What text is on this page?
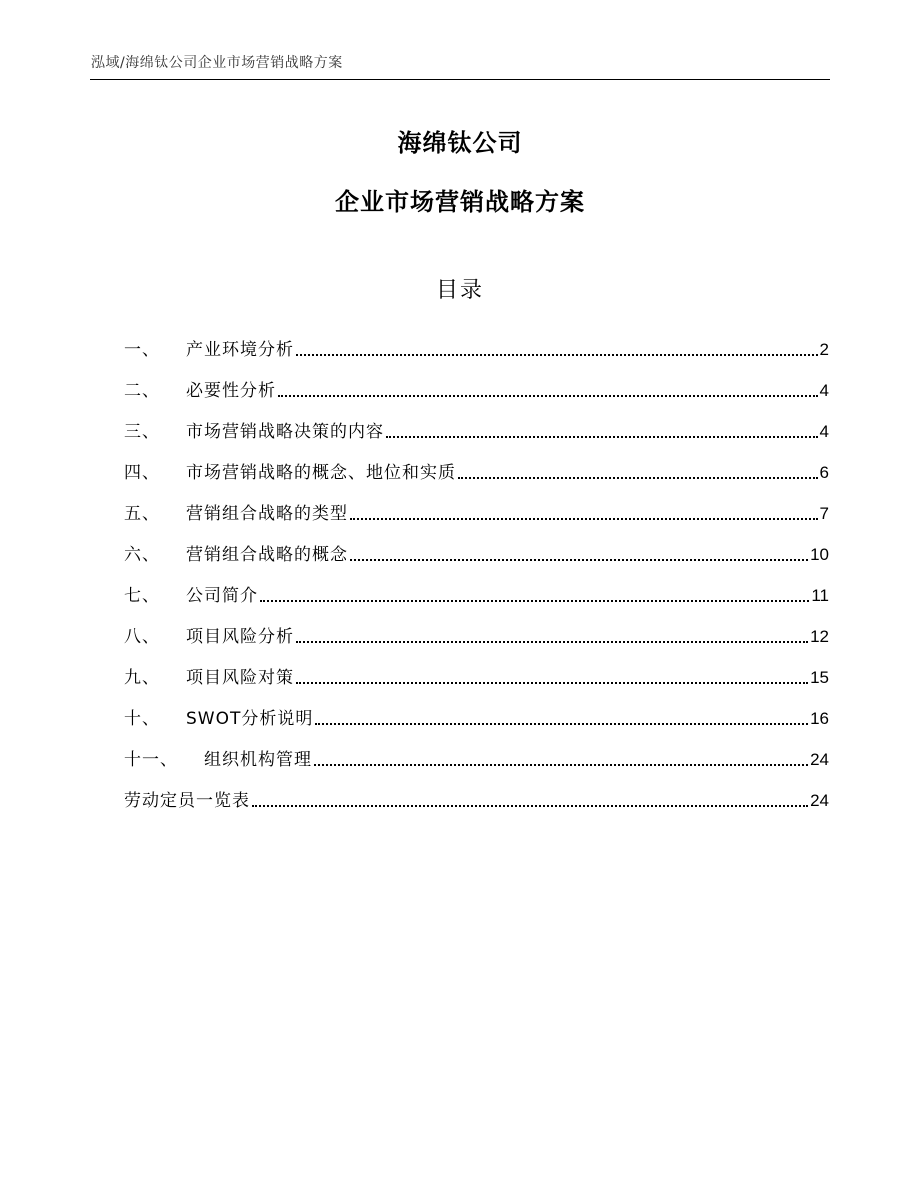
泓域/海绵钛公司企业市场营销战略方案
海绵钛公司
企业市场营销战略方案
目录
一、 产业环境分析	2
二、 必要性分析	4
三、 市场营销战略决策的内容	4
四、 市场营销战略的概念、地位和实质	6
五、 营销组合战略的类型	7
六、 营销组合战略的概念	10
七、 公司简介	11
八、 项目风险分析	12
九、 项目风险对策	15
十、 SWOT分析说明	16
十一、 组织机构管理	24
劳动定员一览表	24
